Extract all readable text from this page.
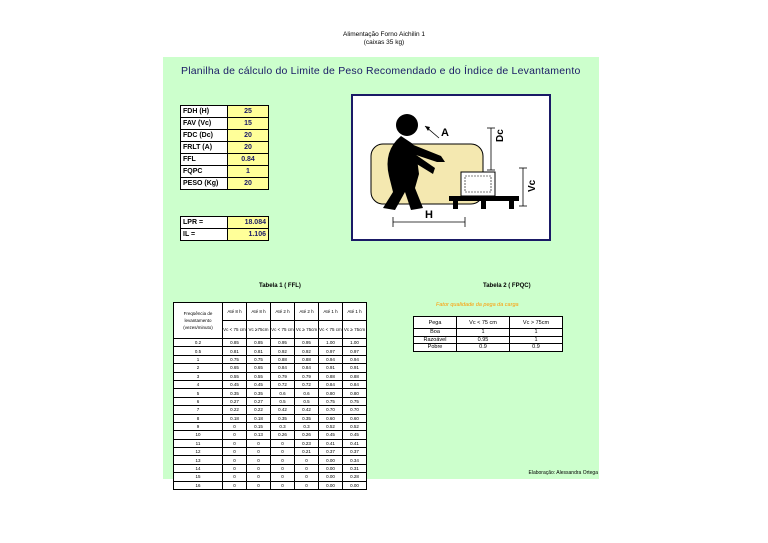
Alimentação Forno Aichilin 1
(caixas 35 kg)
Planilha de cálculo do Limite de Peso Recomendado e do Índice de Levantamento
FDH (H)	25
FAV (Vc)	15
FDC (Dc)	20
FRLT (A)	20
FFL	0.84
FQPC	1
PESO (Kg)	20
LPR =	18.084
IL =	1.106
A	Dc
Vc
H
Tabela 1 ( FFL)	Tabela 2 ( FPQC)
Fator qualidade da pega da carga
Freqüência de levantamento (vezes/minuto)	Até 8 h	Até 8 h	Até 2 h	Até 2 h	Até 1 h	Até 1 h
	Vc < 75 cm	Vc ≥75cm	Vc < 75 cm	Vc ≥ 75cm	Vc < 75 cm	Vc ≥ 75cm
0.2	0.85	0.85	0.95	0.95	1.00	1.00
0.5	0.81	0.81	0.92	0.92	0.97	0.97
1	0.75	0.75	0.88	0.88	0.94	0.94
2	0.65	0.65	0.84	0.84	0.91	0.91
3	0.55	0.55	0.79	0.79	0.88	0.88
4	0.45	0.45	0.72	0.72	0.84	0.84
5	0.35	0.35	0.6	0.6	0.80	0.80
6	0.27	0.27	0.5	0.5	0.75	0.75
7	0.22	0.22	0.42	0.42	0.70	0.70
8	0.18	0.18	0.35	0.35	0.60	0.60
9	0	0.15	0.3	0.3	0.52	0.52
10	0	0.13	0.26	0.26	0.45	0.45
11	0	0	0	0.23	0.41	0.41
12	0	0	0	0.21	0.37	0.37
13	0	0	0	0	0.00	0.34
14	0	0	0	0	0.00	0.31
15	0	0	0	0	0.00	0.28
16	0	0	0	0	0.00	0.00
Pega	Vc < 75 cm	Vc > 75cm
Boa	1	1
Razoável	0.95	1
Pobre	0.9	0.9
Elaboração: Alessandra Ortega
